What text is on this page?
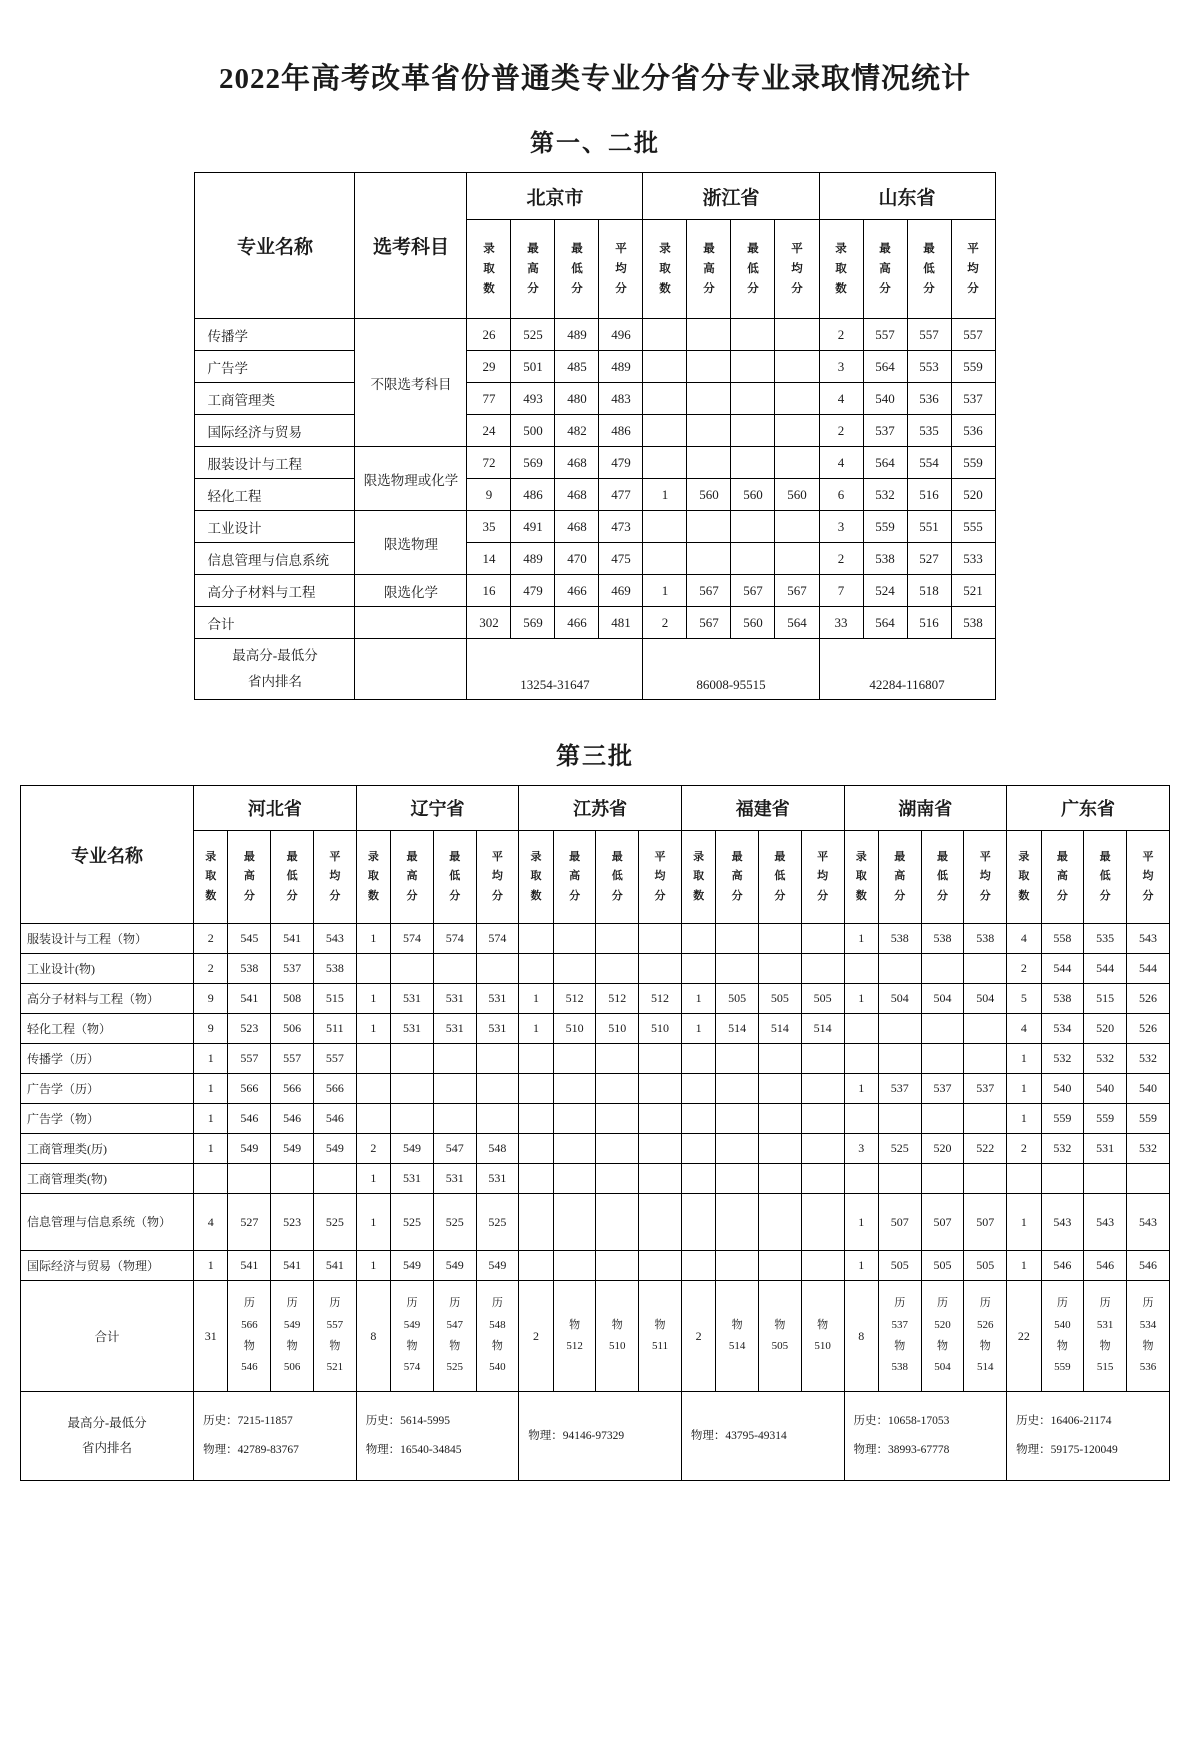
2022年高考改革省份普通类专业分省分专业录取情况统计
第一、二批
专业名称	选考科目	北京市				浙江省				山东省			

		录
取
数	最
高
分	最
低
分	平
均
分	录
取
数	最
高
分	最
低
分	平
均
分	录
取
数	最
高
分	最
低
分	平
均
分

传播学	不限选考科目	26	525	489	496					2	557	557	557
广告学		29	501	485	489					3	564	553	559
工商管理类		77	493	480	483					4	540	536	537
国际经济与贸易		24	500	482	486					2	537	535	536
服装设计与工程	限选物理或化学	72	569	468	479					4	564	554	559
轻化工程		9	486	468	477	1	560	560	560	6	532	516	520
工业设计	限选物理	35	491	468	473					3	559	551	555
信息管理与信息系统		14	489	470	475					2	538	527	533
高分子材料与工程	限选化学	16	479	466	469	1	567	567	567	7	524	518	521
合计		302	569	466	481	2	567	560	564	33	564	516	538

最高分-最低分
省内排名		13254-31647				86008-95515				42284-116807			
第三批
专业名称	河北省				辽宁省				江苏省				福建省				湖南省				广东省			

	录
取
数	最
高
分	最
低
分	平
均
分	录
取
数	最
高
分	最
低
分	平
均
分	录
取
数	最
高
分	最
低
分	平
均
分	录
取
数	最
高
分	最
低
分	平
均
分	录
取
数	最
高
分	最
低
分	平
均
分	录
取
数	最
高
分	最
低
分	平
均
分

服装设计与工程（物）	2	545	541	543	1	574	574	574									1	538	538	538	4	558	535	543
工业设计(物)	2	538	537	538																	2	544	544	544
高分子材料与工程（物）	9	541	508	515	1	531	531	531	1	512	512	512	1	505	505	505	1	504	504	504	5	538	515	526
轻化工程（物）	9	523	506	511	1	531	531	531	1	510	510	510	1	514	514	514					4	534	520	526
传播学（历）	1	557	557	557																	1	532	532	532
广告学（历）	1	566	566	566													1	537	537	537	1	540	540	540
广告学（物）	1	546	546	546																	1	559	559	559
工商管理类(历)	1	549	549	549	2	549	547	548									3	525	520	522	2	532	531	532
工商管理类(物)					1	531	531	531																
信息管理与信息系统（物）	4	527	523	525	1	525	525	525									1	507	507	507	1	543	543	543
国际经济与贸易（物理）	1	541	541	541	1	549	549	549									1	505	505	505	1	546	546	546
合计	31	历
566
物
546	历
549
物
506	历
557
物
521	8	历
549
物
574	历
547
物
525	历
548
物
540	2	物
512	物
510	物
511	2	物
514	物
505	物
510	8	历
537
物
538	历
520
物
504	历
526
物
514	22	历
540
物
559	历
531
物
515	历
534
物
536

最高分-最低分
省内排名	历史：7215-11857
物理：42789-83767				历史：5614-5995
物理：16540-34845				物理：94146-97329				物理：43795-49314				历史：10658-17053
物理：38993-67778				历史：16406-21174
物理：59175-120049			
